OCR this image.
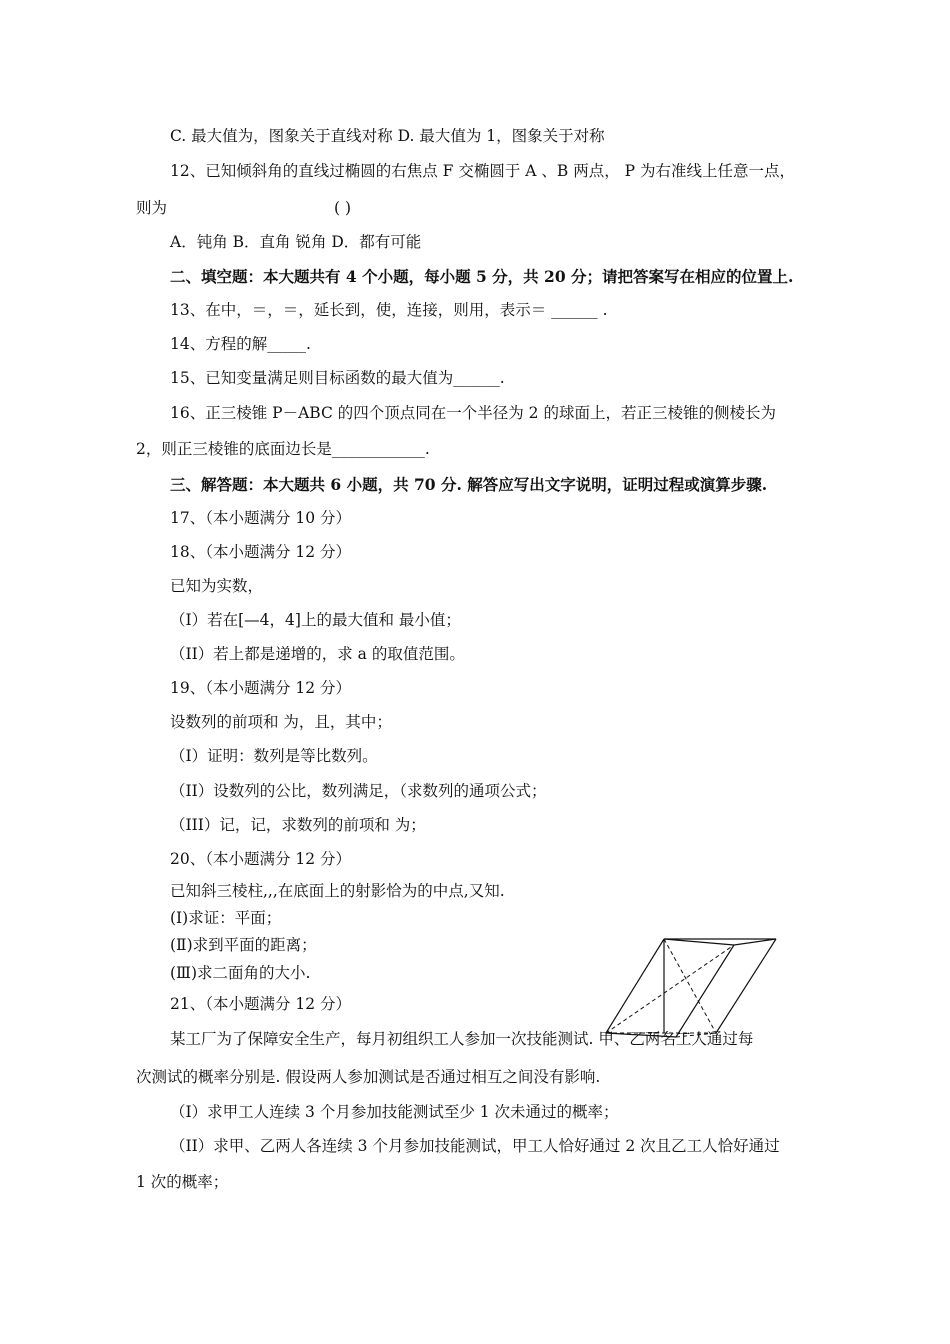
C. 最大值为，图象关于直线对称 D. 最大值为 1，图象关于对称
12、已知倾斜角的直线过椭圆的右焦点 F 交椭圆于 A 、B 两点， P 为右准线上任意一点，
则为	( )
A．钝角 B．直角 锐角 D．都有可能
二、填空题：本大题共有 4 个小题，每小题 5 分，共 20 分；请把答案写在相应的位置上.
13、在中，＝，＝，延长到，使，连接，则用，表示＝ ______ .
14、方程的解_____.
15、已知变量满足则目标函数的最大值为______.
16、正三棱锥 P－ABC 的四个顶点同在一个半径为 2 的球面上，若正三棱锥的侧棱长为
2，则正三棱锥的底面边长是____________.
三、解答题：本大题共 6 小题，共 70 分. 解答应写出文字说明，证明过程或演算步骤.
17、（本小题满分 10 分）
18、（本小题满分 12 分）
已知为实数，
（I）若在[—4，4]上的最大值和 最小值；
（II）若上都是递增的，求 a 的取值范围。
19、（本小题满分 12 分）
设数列的前项和 为，且，其中；
（I）证明：数列是等比数列。
（II）设数列的公比，数列满足，（求数列的通项公式；
（III）记，记，求数列的前项和 为；
20、（本小题满分 12 分）
已知斜三棱柱,,,在底面上的射影恰为的中点,又知.
(Ⅰ)求证：平面；
(Ⅱ)求到平面的距离；
(Ⅲ)求二面角的大小.
21、（本小题满分 12 分）
某工厂为了保障安全生产，每月初组织工人参加一次技能测试. 甲、乙两名工人通过每
次测试的概率分别是. 假设两人参加测试是否通过相互之间没有影响.
（I）求甲工人连续 3 个月参加技能测试至少 1 次未通过的概率；
（II）求甲、乙两人各连续 3 个月参加技能测试，甲工人恰好通过 2 次且乙工人恰好通过
1 次的概率；
